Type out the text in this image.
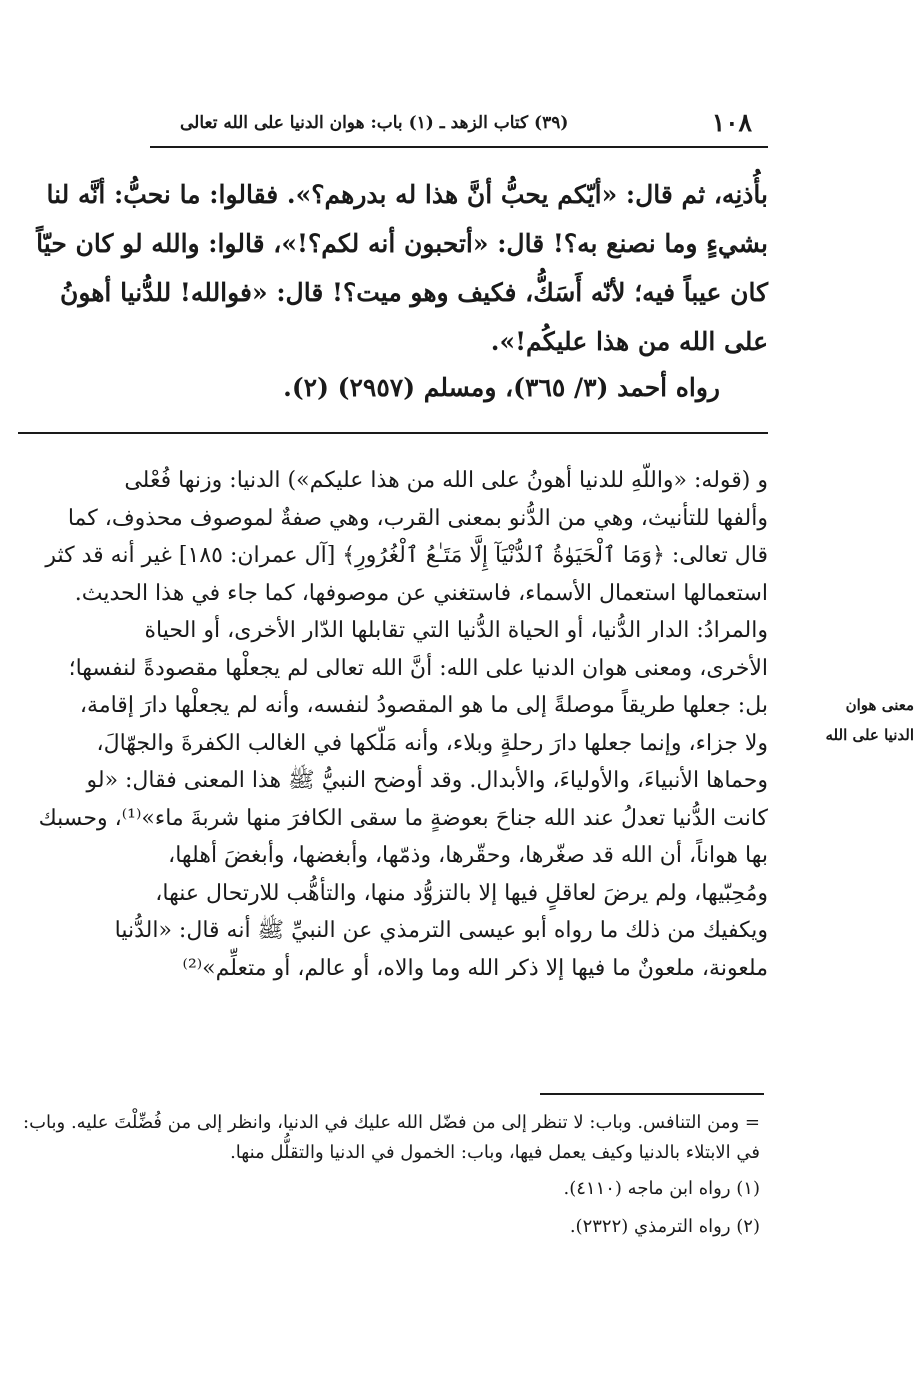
١٠٨
(٣٩) كتاب الزهد ـ (١) باب: هوان الدنيا على الله تعالى

بأُذنِه، ثم قال: «أيّكم يحبُّ أنَّ هذا له بدرهم؟». فقالوا: ما نحبُّ: أنَّه لنا

بشيءٍ وما نصنع به؟! قال: «أتحبون أنه لكم؟!»، قالوا: والله لو كان حيّاً

كان عيباً فيه؛ لأنّه أَسَكُّ، فكيف وهو ميت؟! قال: «فوالله! للدُّنيا أهونُ

على الله من هذا عليكُم!».

رواه أحمد (٣/ ٣٦٥)، ومسلم (٢٩٥٧) (٢).

و (قوله: «واللّهِ للدنيا أهونُ على الله من هذا عليكم») الدنيا: وزنها فُعْلى

وألفها للتأنيث، وهي من الدُّنو بمعنى القرب، وهي صفةٌ لموصوف محذوف، كما

قال تعالى: ﴿وَمَا ٱلْحَيَوٰةُ ٱلدُّنْيَآ إِلَّا مَتَـٰعُ ٱلْغُرُورِ﴾ [آل عمران: ١٨٥] غير أنه قد كثر

استعمالها استعمال الأسماء، فاستغني عن موصوفها، كما جاء في هذا الحديث.

والمرادُ: الدار الدُّنيا، أو الحياة الدُّنيا التي تقابلها الدّار الأخرى، أو الحياة

الأخرى، ومعنى هوان الدنيا على الله: أنَّ الله تعالى لم يجعلْها مقصودةً لنفسها؛

بل: جعلها طريقاً موصلةً إلى ما هو المقصودُ لنفسه، وأنه لم يجعلْها دارَ إقامة،

ولا جزاء، وإنما جعلها دارَ رحلةٍ وبلاء، وأنه مَلّكها في الغالب الكفرةَ والجهّالَ،

وحماها الأنبياءَ، والأولياءَ، والأبدال. وقد أوضح النبيُّ ﷺ هذا المعنى فقال: «لو

كانت الدُّنيا تعدلُ عند الله جناحَ بعوضةٍ ما سقى الكافرَ منها شربةَ ماء»⁽¹⁾، وحسبك

بها هواناً، أن الله قد صغّرها، وحقّرها، وذمّها، وأبغضها، وأبغضَ أهلها،

ومُحِبّيها، ولم يرضَ لعاقلٍ فيها إلا بالتزوُّد منها، والتأهُّب للارتحال عنها،

ويكفيك من ذلك ما رواه أبو عيسى الترمذي عن النبيِّ ﷺ أنه قال: «الدُّنيا

ملعونة، ملعونٌ ما فيها إلا ذكر الله وما والاه، أو عالم، أو متعلِّم»⁽²⁾

معنى هوان
الدنيا على الله

= ومن التنافس. وباب: لا تنظر إلى من فضّل الله عليك في الدنيا، وانظر إلى من فُضِّلْتَ عليه. وباب: في الابتلاء بالدنيا وكيف يعمل فيها، وباب: الخمول في الدنيا والتقلُّل منها.

(١) رواه ابن ماجه (٤١١٠).

(٢) رواه الترمذي (٢٣٢٢).
